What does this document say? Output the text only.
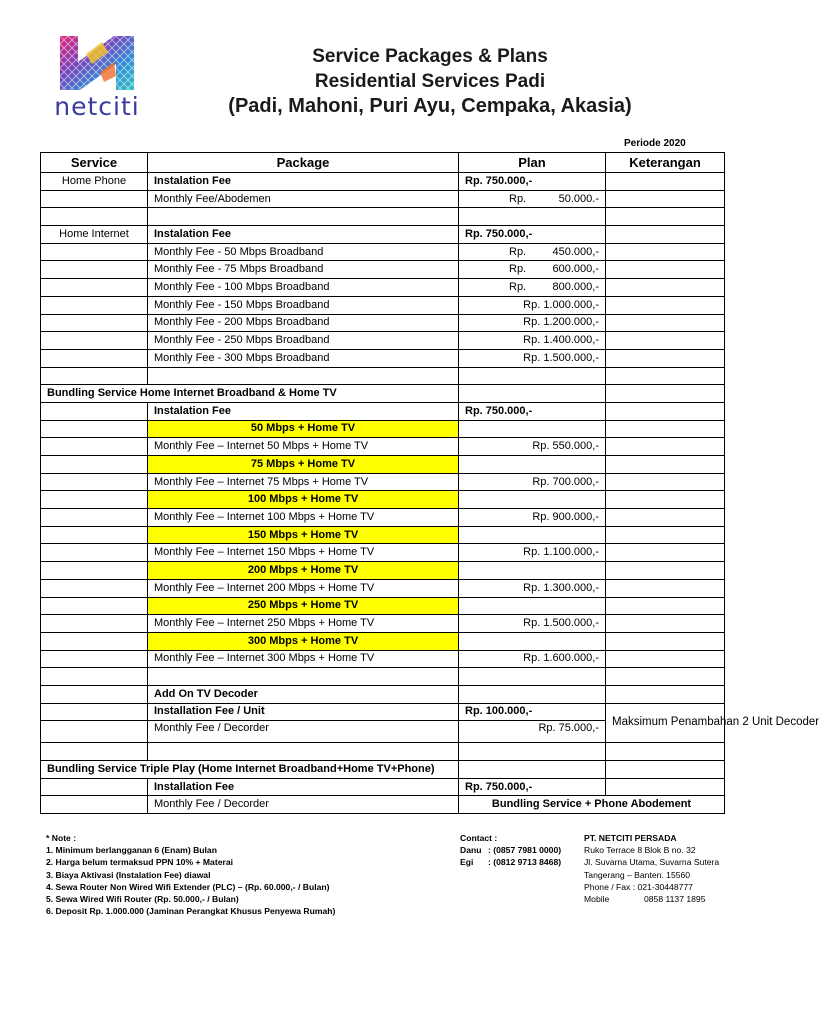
netciti
Service Packages & Plans
Residential Services Padi
(Padi, Mahoni, Puri Ayu, Cempaka, Akasia)
Periode 2020
Service	Package	Plan	Keterangan
Home Phone	Instalation Fee	Rp. 750.000,-	
	Monthly Fee/Abodemen	Rp. 50.000.-	

Home Internet	Instalation Fee	Rp. 750.000,-	
	Monthly Fee - 50 Mbps Broadband	Rp. 450.000,-	

	Monthly Fee - 75 Mbps Broadband	Rp. 600.000,-	

	Monthly Fee - 100 Mbps Broadband	Rp. 800.000,-	

	Monthly Fee - 150 Mbps Broadband	Rp. 1.000.000,-	
	Monthly Fee - 200 Mbps Broadband	Rp. 1.200.000,-	
	Monthly Fee - 250 Mbps Broadband	Rp. 1.400.000,-	
	Monthly Fee - 300 Mbps Broadband	Rp. 1.500.000,-	

Bundling Service Home Internet Broadband & Home TV			
	Instalation Fee	Rp. 750.000,-	
	50 Mbps + Home TV		
	Monthly Fee – Internet 50 Mbps + Home TV	Rp. 550.000,-	
	75 Mbps + Home TV		
	Monthly Fee – Internet 75 Mbps + Home TV	Rp. 700.000,-	
	100 Mbps + Home TV		
	Monthly Fee – Internet 100 Mbps + Home TV	Rp. 900.000,-	
	150 Mbps + Home TV		
	Monthly Fee – Internet 150 Mbps + Home TV	Rp. 1.100.000,-	
	200 Mbps + Home TV		
	Monthly Fee – Internet 200 Mbps + Home TV	Rp. 1.300.000,-	
	250 Mbps + Home TV		
	Monthly Fee – Internet 250 Mbps + Home TV	Rp. 1.500.000,-	
	300 Mbps + Home TV		
	Monthly Fee – Internet 300 Mbps + Home TV	Rp. 1.600.000,-	

	Add On TV Decoder		
	Installation Fee / Unit	Rp. 100.000,-	Maksimum Penambahan 2 Unit Decoder
	Monthly Fee / Decorder	Rp. 75.000,-	

Bundling Service Triple Play (Home Internet Broadband+Home TV+Phone)			
	Installation Fee	Rp. 750.000,-	
	Monthly Fee / Decorder	Bundling Service + Phone Abodement	
* Note :
1. Minimum berlangganan 6 (Enam) Bulan
2. Harga belum termaksud PPN 10% + Materai
3. Biaya Aktivasi (Instalation Fee) diawal
4. Sewa Router Non Wired Wifi Extender (PLC) – (Rp. 60.000,- / Bulan)
5. Sewa Wired Wifi Router (Rp. 50.000,- / Bulan)
6. Deposit Rp. 1.000.000 (Jaminan Perangkat Khusus Penyewa Rumah)
Contact :
Danu : (0857 7981 0000)
Egi	: (0812 9713 8468)
PT. NETCITI PERSADA
Ruko Terrace 8 Blok B no. 32
Jl. Suvarna Utama, Suvarna Sutera
Tangerang – Banten. 15560
Phone / Fax : 021-30448777
Mobile	0858 1137 1895
